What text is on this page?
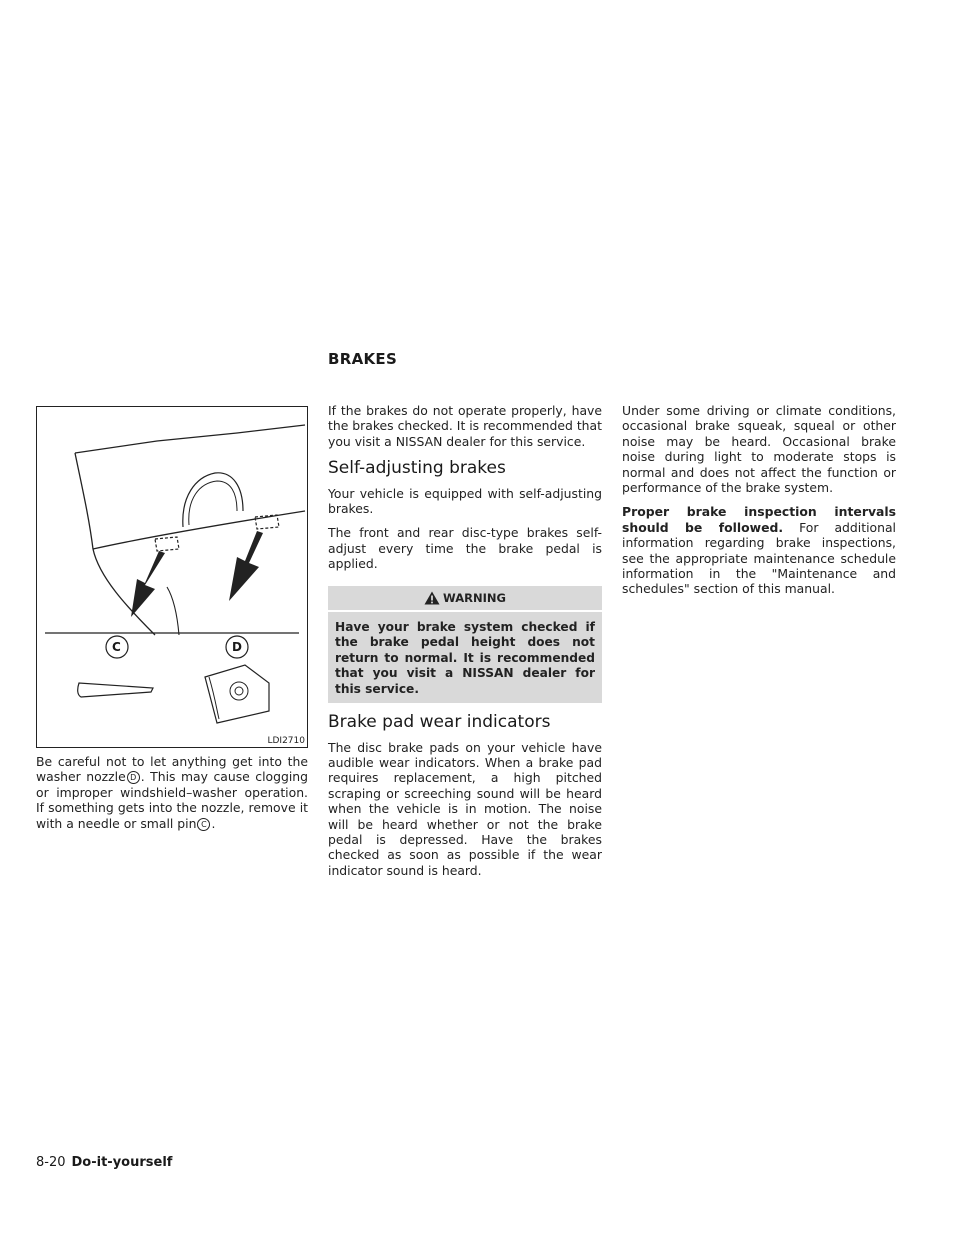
BRAKES
C	D
LDI2710

Be careful not to let anything get into the washer nozzle D . This may cause clogging or improper windshield–washer operation. If something gets into the nozzle, remove it with a needle or small pin C .

If the brakes do not operate properly, have the brakes checked. It is recommended that you visit a NISSAN dealer for this service.

Self-adjusting brakes

Your vehicle is equipped with self-adjusting brakes.

The front and rear disc-type brakes self-adjust every time the brake pedal is applied.

WARNING
Have your brake system checked if the brake pedal height does not return to normal. It is recommended that you visit a NISSAN dealer for this service.
Brake pad wear indicators

The disc brake pads on your vehicle have audible wear indicators. When a brake pad requires replacement, a high pitched scraping or screeching sound will be heard when the vehicle is in motion. The noise will be heard whether or not the brake pedal is depressed. Have the brakes checked as soon as possible if the wear indicator sound is heard.

Under some driving or climate conditions, occasional brake squeak, squeal or other noise may be heard. Occasional brake noise during light to moderate stops is normal and does not affect the function or performance of the brake system.

Proper brake inspection intervals should be followed. For additional information regarding brake inspections, see the appropriate maintenance schedule information in the "Maintenance and schedules" section of this manual.

8-20 Do-it-yourself
